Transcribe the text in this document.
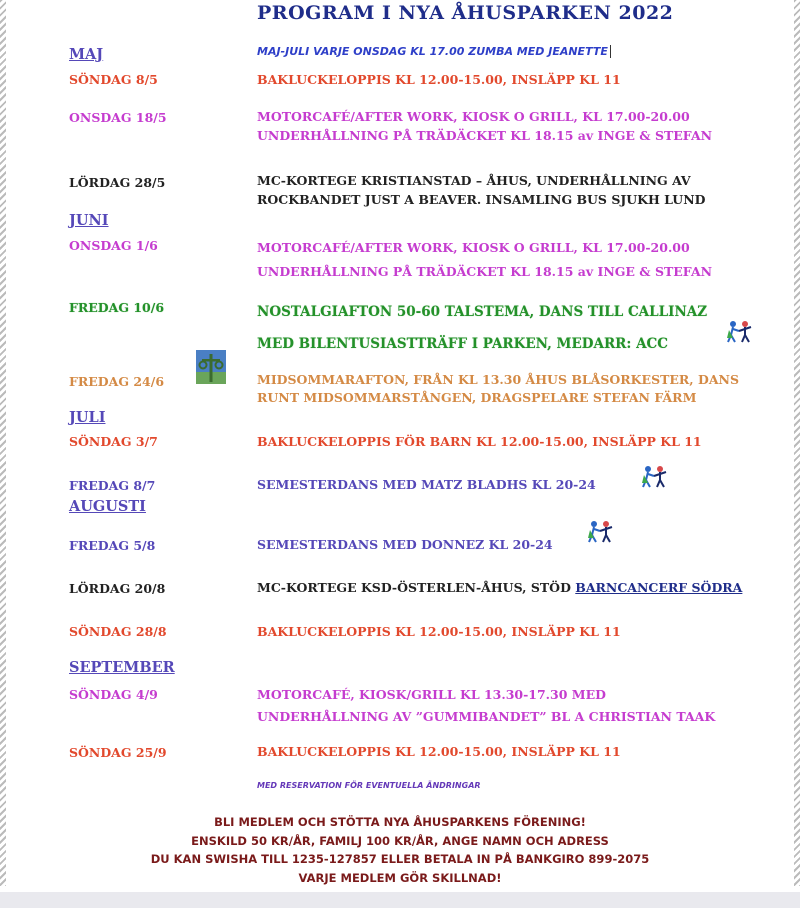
PROGRAM I NYA ÅHUSPARKEN 2022
MAJ	MAJ-JULI VARJE ONSDAG KL 17.00 ZUMBA MED JEANETTE
SÖNDAG 8/5	BAKLUCKELOPPIS KL 12.00-15.00, INSLÄPP KL 11
ONSDAG 18/5	MOTORCAFÉ/AFTER WORK, KIOSK O GRILL, KL 17.00-20.00
UNDERHÅLLNING PÅ TRÄDÄCKET KL 18.15 av INGE & STEFAN
LÖRDAG 28/5	MC-KORTEGE KRISTIANSTAD – ÅHUS, UNDERHÅLLNING AV
ROCKBANDET JUST A BEAVER. INSAMLING BUS SJUKH LUND
JUNI
ONSDAG 1/6	MOTORCAFÉ/AFTER WORK, KIOSK O GRILL, KL 17.00-20.00
UNDERHÅLLNING PÅ TRÄDÄCKET KL 18.15 av INGE & STEFAN
FREDAG 10/6	NOSTALGIAFTON 50-60 TALSTEMA, DANS TILL CALLINAZ
MED BILENTUSIASTTRÄFF I PARKEN, MEDARR: ACC
FREDAG 24/6	MIDSOMMARAFTON, FRÅN KL 13.30 ÅHUS BLÅSORKESTER, DANS
RUNT MIDSOMMARSTÅNGEN, DRAGSPELARE STEFAN FÄRM
JULI
SÖNDAG 3/7	BAKLUCKELOPPIS FÖR BARN KL 12.00-15.00, INSLÄPP KL 11
FREDAG 8/7	SEMESTERDANS MED MATZ BLADHS KL 20-24
AUGUSTI
FREDAG 5/8	SEMESTERDANS MED DONNEZ KL 20-24
LÖRDAG 20/8	MC-KORTEGE KSD-ÖSTERLEN-ÅHUS, STÖD BARNCANCERF SÖDRA
SÖNDAG 28/8	BAKLUCKELOPPIS KL 12.00-15.00, INSLÄPP KL 11
SEPTEMBER
SÖNDAG 4/9	MOTORCAFÉ, KIOSK/GRILL KL 13.30-17.30 MED
UNDERHÅLLNING AV ”GUMMIBANDET” BL A CHRISTIAN TAAK
SÖNDAG 25/9	BAKLUCKELOPPIS KL 12.00-15.00, INSLÄPP KL 11
MED RESERVATION FÖR EVENTUELLA ÄNDRINGAR
BLI MEDLEM OCH STÖTTA NYA ÅHUSPARKENS FÖRENING!
ENSKILD 50 KR/ÅR, FAMILJ 100 KR/ÅR, ANGE NAMN OCH ADRESS
DU KAN SWISHA TILL 1235-127857 ELLER BETALA IN PÅ BANKGIRO 899-2075
VARJE MEDLEM GÖR SKILLNAD!
